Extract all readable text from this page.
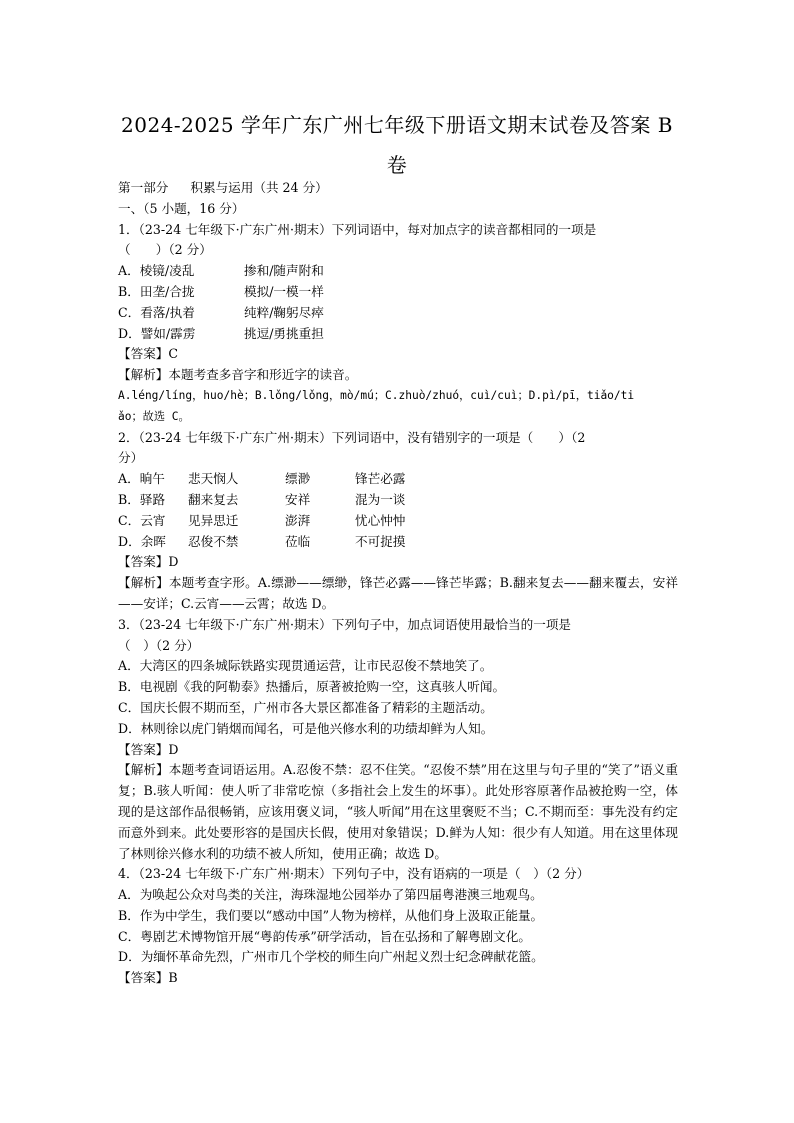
2024-2025 学年广东广州七年级下册语文期末试卷及答案 B
卷
第一部分 积累与运用（共 24 分）
一、（5 小题，16 分）
1．（23-24 七年级下·广东广州·期末）下列词语中，每对加点字的读音都相同的一项是
（　　）（2 分）
A．棱镜/凌乱	掺和/随声附和
B．田垄/合拢	模拟/一模一样
C．看落/执着	纯粹/鞠躬尽瘁
D．譬如/霹雳	挑逗/勇挑重担
【答案】C
【解析】本题考查多音字和形近字的读音。
A.léng/líng，huo/hè；B.lǒng/lǒng，mò/mú；C.zhuò/zhuó，cuì/cuì；D.pì/pī，tiǎo/ti
ǎo；故选 C。
2．（23-24 七年级下·广东广州·期末）下列词语中，没有错别字的一项是（　　）（2
分）
A．晌午	悲天悯人	缥渺	锋芒必露
B．驿路	翻来复去	安祥	混为一谈
C．云宵	见异思迁	澎湃	忧心忡忡
D．余晖	忍俊不禁	莅临	不可捉摸
【答案】D
【解析】本题考查字形。A.缥渺——缥缈，锋芒必露——锋芒毕露；B.翻来复去——翻来覆去，安祥——安详；C.云宵——云霄；故选 D。
3．（23-24 七年级下·广东广州·期末）下列句子中，加点词语使用最恰当的一项是
（　）（2 分）
A．大湾区的四条城际铁路实现贯通运营，让市民忍俊不禁地笑了。
B．电视剧《我的阿勒泰》热播后，原著被抢购一空，这真骇人听闻。
C．国庆长假不期而至，广州市各大景区都准备了精彩的主题活动。
D．林则徐以虎门销烟而闻名，可是他兴修水利的功绩却鲜为人知。
【答案】D
【解析】本题考查词语运用。A.忍俊不禁：忍不住笑。“忍俊不禁”用在这里与句子里的“笑了”语义重复；B.骇人听闻：使人听了非常吃惊（多指社会上发生的坏事）。此处形容原著作品被抢购一空，体现的是这部作品很畅销，应该用褒义词，“骇人听闻”用在这里褒贬不当；C.不期而至：事先没有约定而意外到来。此处要形容的是国庆长假，使用对象错误；D.鲜为人知：很少有人知道。用在这里体现了林则徐兴修水利的功绩不被人所知，使用正确；故选 D。
4．（23-24 七年级下·广东广州·期末）下列句子中，没有语病的一项是（　）（2 分）
A．为唤起公众对鸟类的关注，海珠湿地公园举办了第四届粤港澳三地观鸟。
B．作为中学生，我们要以“感动中国”人物为榜样，从他们身上汲取正能量。
C．粤剧艺术博物馆开展“粤韵传承”研学活动，旨在弘扬和了解粤剧文化。
D．为缅怀革命先烈，广州市几个学校的师生向广州起义烈士纪念碑献花篮。
【答案】B
